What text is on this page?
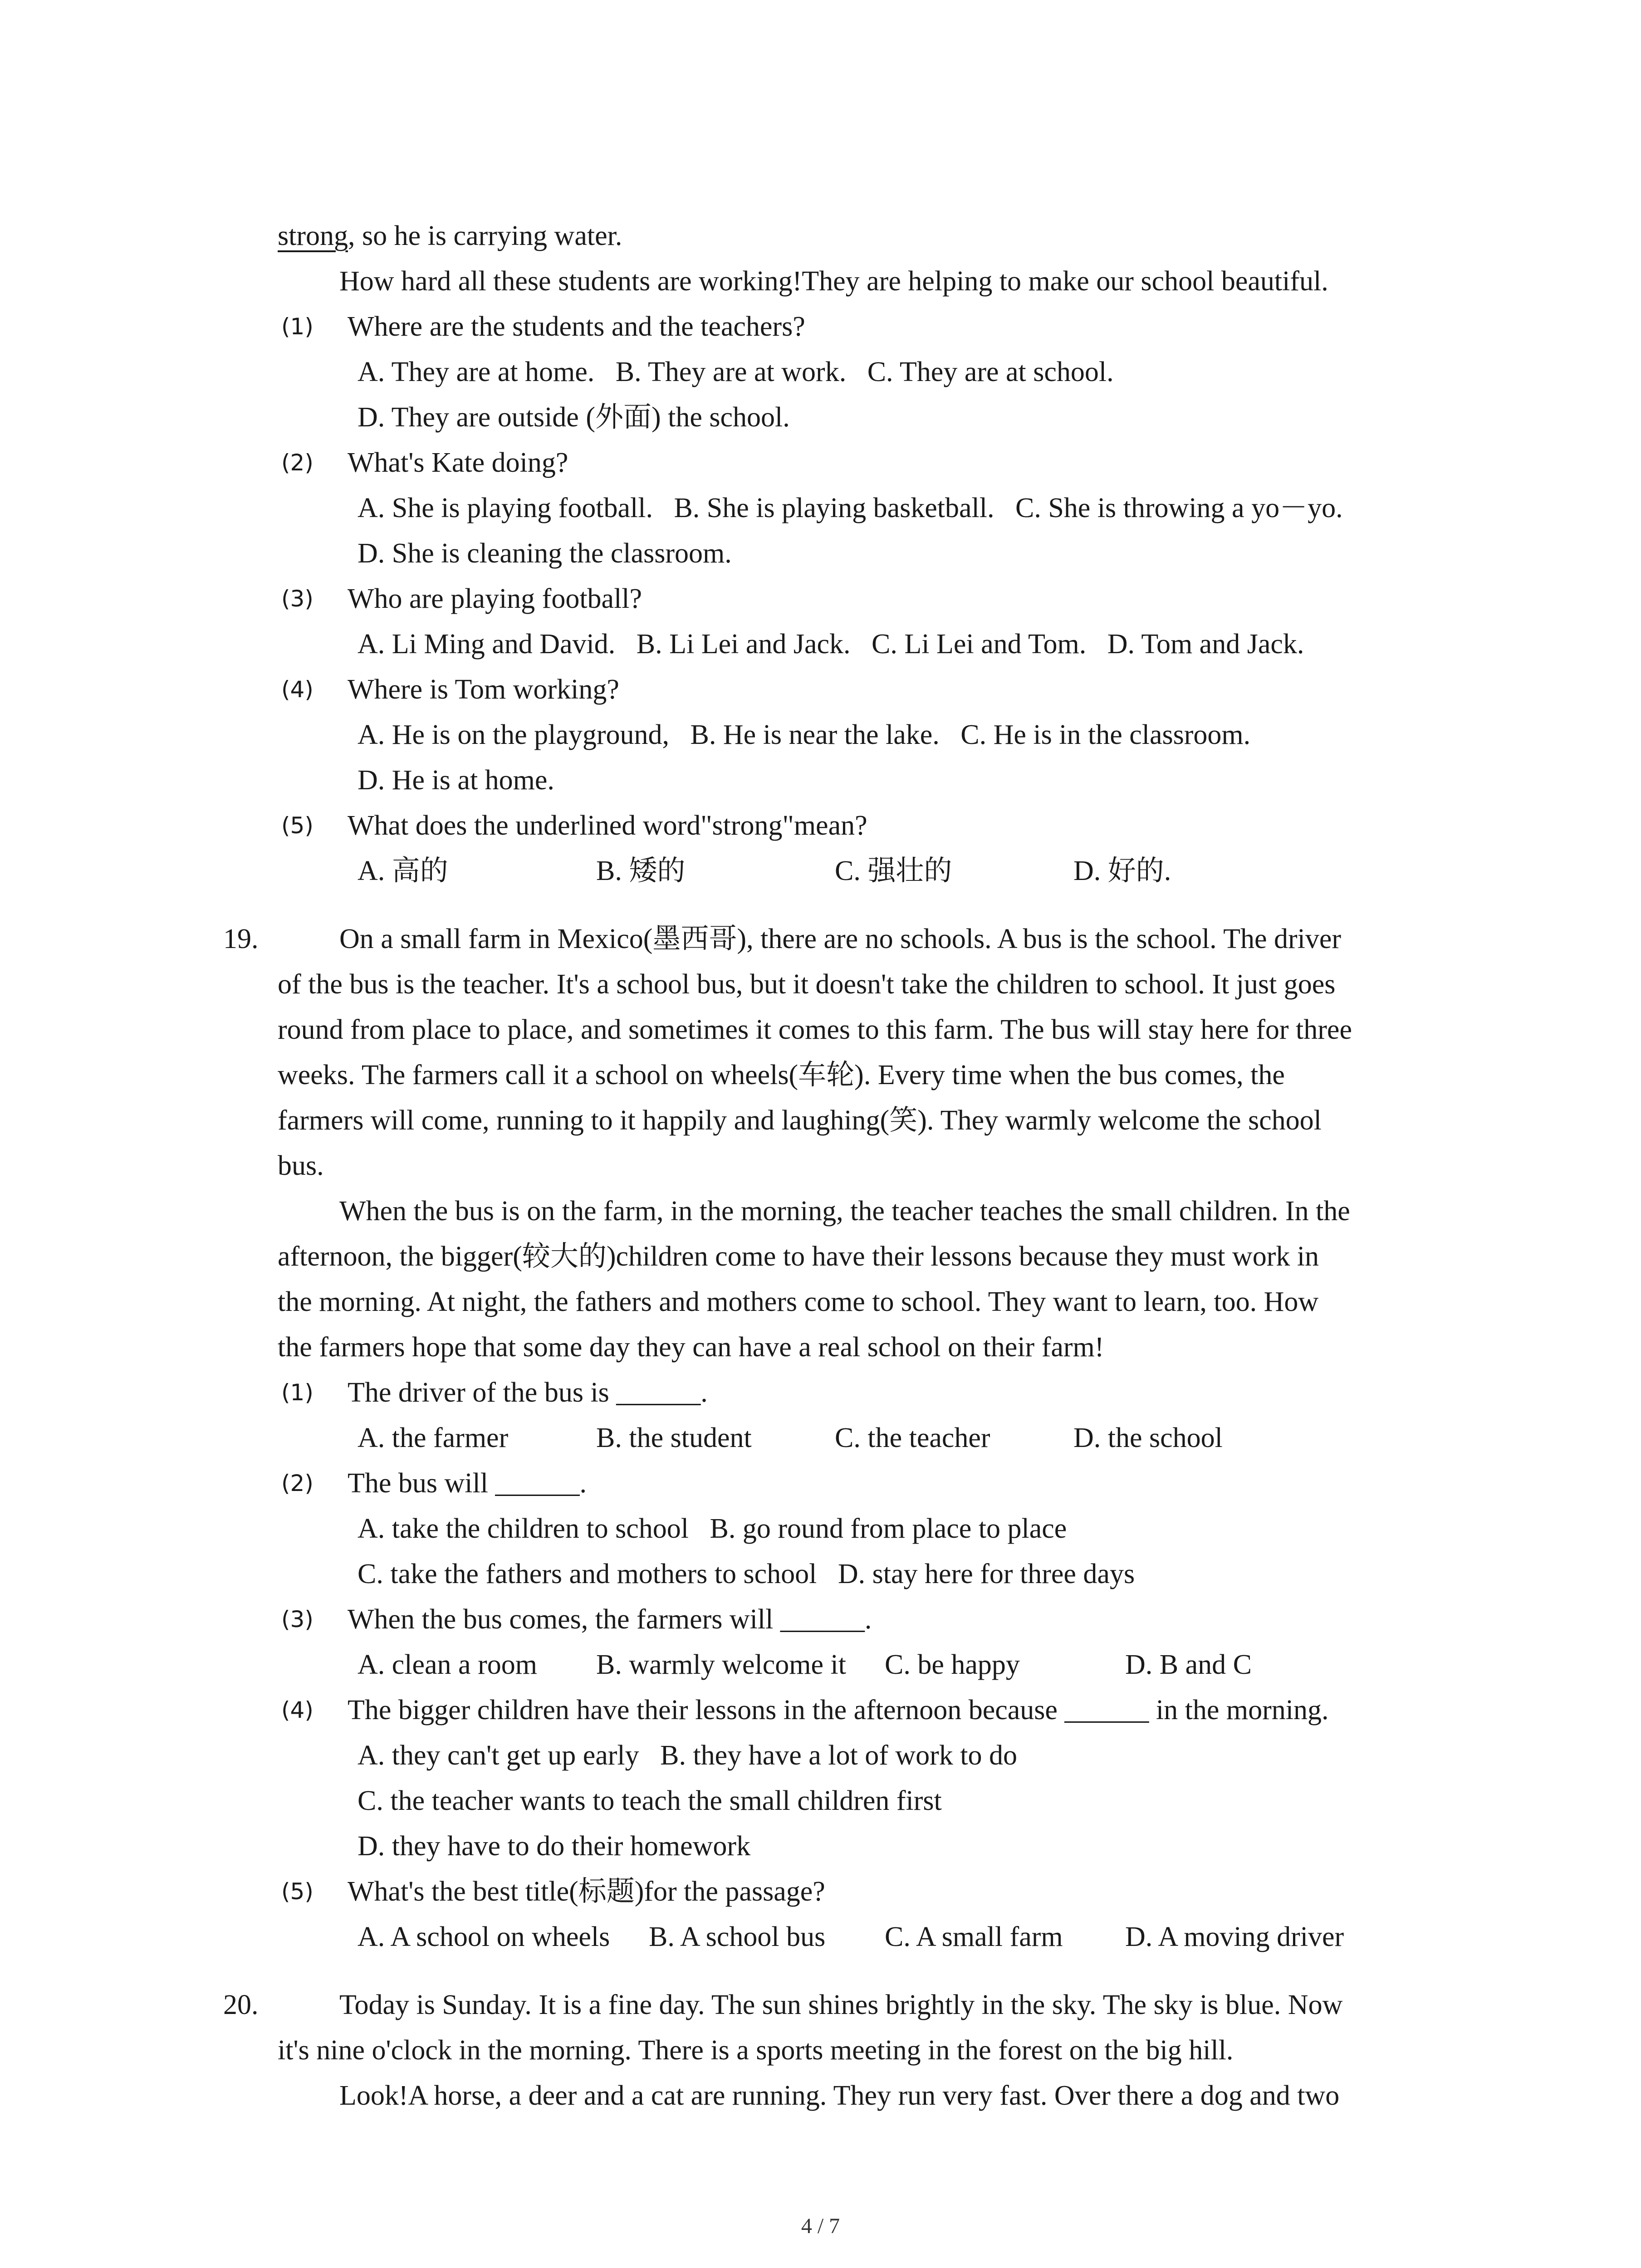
strong, so he is carrying water.
How hard all these students are working!They are helping to make our school beautiful.
(1) Where are the students and the teachers?
A. They are at home.   B. They are at work.   C. They are at school.
D. They are outside (外面) the school.
(2) What's Kate doing?
A. She is playing football.   B. She is playing basketball.   C. She is throwing a yo－yo.
D. She is cleaning the classroom.
(3) Who are playing football?
A. Li Ming and David.   B. Li Lei and Jack.   C. Li Lei and Tom.   D. Tom and Jack.
(4) Where is Tom working?
A. He is on the playground,   B. He is near the lake.   C. He is in the classroom.
D. He is at home.
(5) What does the underlined word"strong"mean?
A. 高的	B. 矮的	C. 强壮的	D. 好的.
19.	On a small farm in Mexico(墨西哥), there are no schools. A bus is the school. The driver
of the bus is the teacher. It's a school bus, but it doesn't take the children to school. It just goes
round from place to place, and sometimes it comes to this farm. The bus will stay here for three
weeks. The farmers call it a school on wheels(车轮). Every time when the bus comes, the
farmers will come, running to it happily and laughing(笑). They warmly welcome the school
bus.
When the bus is on the farm, in the morning, the teacher teaches the small children. In the
afternoon, the bigger(较大的)children come to have their lessons because they must work in
the morning. At night, the fathers and mothers come to school. They want to learn, too. How
the farmers hope that some day they can have a real school on their farm!
(1) The driver of the bus is ______.
A. the farmer	B. the student	C. the teacher	D. the school
(2) The bus will ______.
A. take the children to school   B. go round from place to place
C. take the fathers and mothers to school   D. stay here for three days
(3) When the bus comes, the farmers will ______.
A. clean a room B. warmly welcome it C. be happy	D. B and C
(4) The bigger children have their lessons in the afternoon because ______ in the morning.
A. they can't get up early   B. they have a lot of work to do
C. the teacher wants to teach the small children first
D. they have to do their homework
(5) What's the best title(标题)for the passage?
A. A school on wheels B. A school bus C. A small farm D. A moving driver
20.	Today is Sunday. It is a fine day. The sun shines brightly in the sky. The sky is blue. Now
it's nine o'clock in the morning. There is a sports meeting in the forest on the big hill.
Look!A horse, a deer and a cat are running. They run very fast. Over there a dog and two
4 / 7
